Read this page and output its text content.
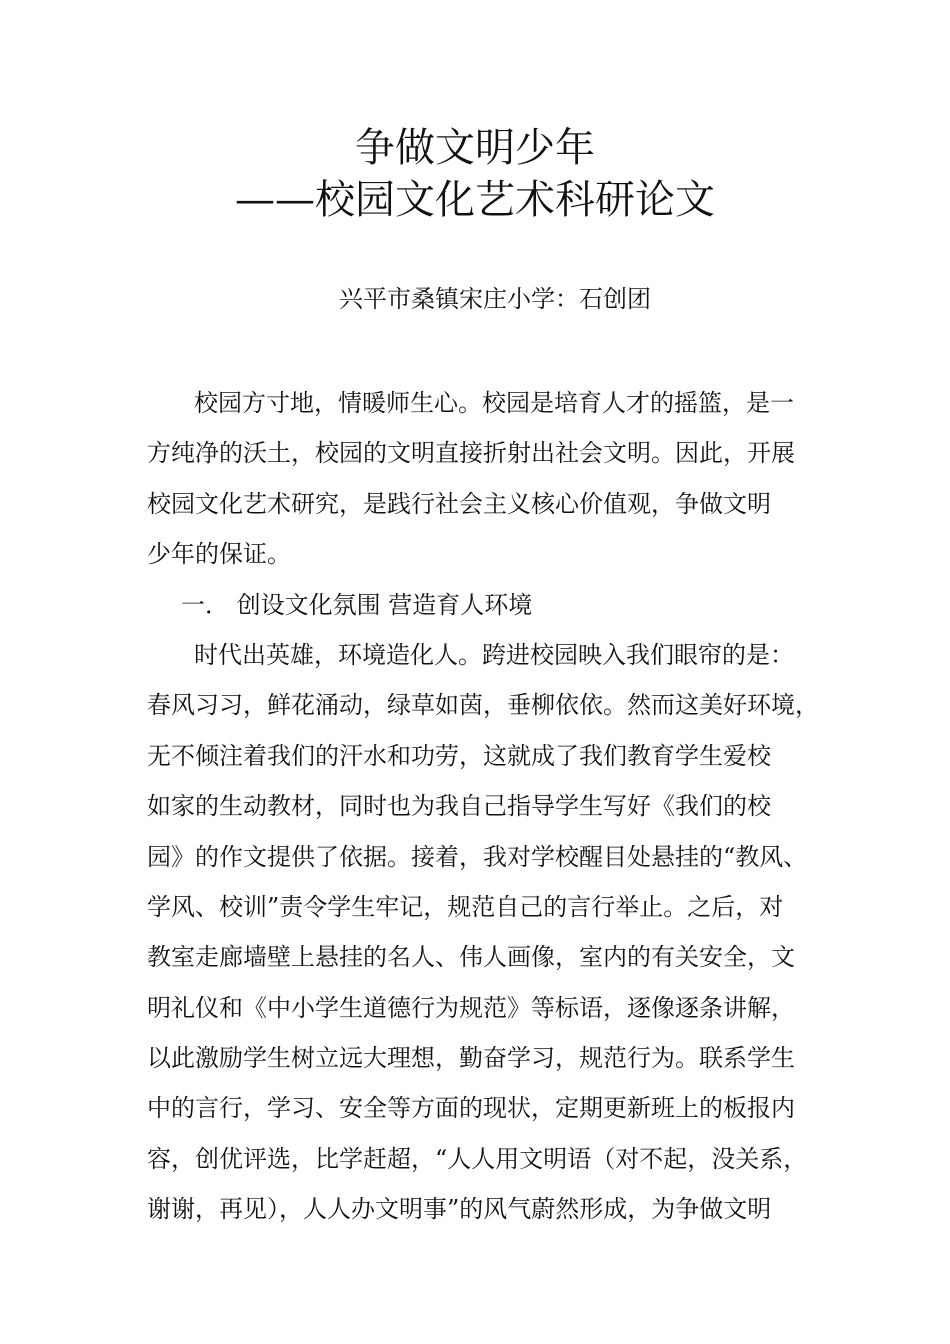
争做文明少年
——校园文化艺术科研论文
兴平市桑镇宋庄小学：石创团
校园方寸地，情暖师生心。校园是培育人才的摇篮，是一
方纯净的沃土，校园的文明直接折射出社会文明。因此，开展
校园文化艺术研究，是践行社会主义核心价值观，争做文明
少年的保证。
一． 创设文化氛围 营造育人环境
时代出英雄，环境造化人。跨进校园映入我们眼帘的是：
春风习习，鲜花涌动，绿草如茵，垂柳依依。然而这美好环境，
无不倾注着我们的汗水和功劳，这就成了我们教育学生爱校
如家的生动教材，同时也为我自己指导学生写好《我们的校
园》的作文提供了依据。接着，我对学校醒目处悬挂的“教风、
学风、校训”责令学生牢记，规范自己的言行举止。之后，对
教室走廊墙壁上悬挂的名人、伟人画像，室内的有关安全，文
明礼仪和《中小学生道德行为规范》等标语，逐像逐条讲解，
以此激励学生树立远大理想，勤奋学习，规范行为。联系学生
中的言行，学习、安全等方面的现状，定期更新班上的板报内
容，创优评选，比学赶超，“人人用文明语（对不起，没关系，
谢谢，再见），人人办文明事”的风气蔚然形成，为争做文明
